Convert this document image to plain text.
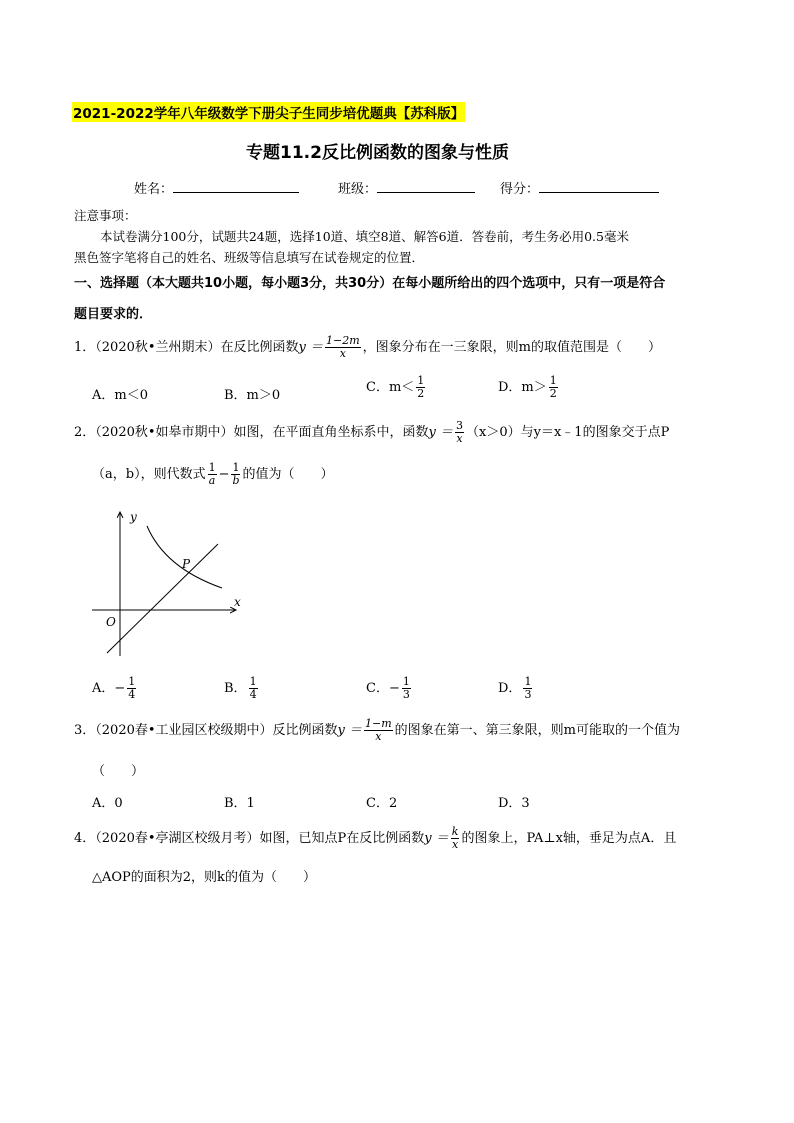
2021-2022学年八年级数学下册尖子生同步培优题典【苏科版】
专题11.2反比例函数的图象与性质
姓名：	班级：	得分：
注意事项：
本试卷满分100分，试题共24题，选择10道、填空8道、解答6道．答卷前，考生务必用0.5毫米
黑色签字笔将自己的姓名、班级等信息填写在试卷规定的位置．
一、选择题（本大题共10小题，每小题3分，共30分）在每小题所给出的四个选项中，只有一项是符合
题目要求的．
1．（2020秋•兰州期末）在反比例函数$y = \frac{1-2m}{x}$ ，图象分布在一三象限，则m的取值范围是（　　）
A．m＜0	B．m＞0
C．$m< \frac{1}{2}$	D．$m> \frac{1}{2}$
2．（2020秋•如皋市期中）如图，在平面直角坐标系中，函数$y = \frac{3}{x} (x>0)$与y＝x﹣1的图象交于点P
（a，b），则代数式 $\frac{1}{a} - \frac{1}{b}$ 的值为（　　）
y
x
O
P
A．− $\frac{1}{4}$	B． $\frac{1}{4}$	C．− $\frac{1}{3}$	D． $\frac{1}{3}$
3．（2020春•工业园区校级期中）反比例函数$y = \frac{1-m}{x}$ 的图象在第一、第三象限，则m可能取的一个值为
（　　）
A．0	B．1	C．2	D．3
4．（2020春•亭湖区校级月考）如图，已知点P在反比例函数$y = \frac{k}{x}$ 的图象上，PA⊥x轴，垂足为点A．且
△AOP的面积为2，则k的值为（　　）
